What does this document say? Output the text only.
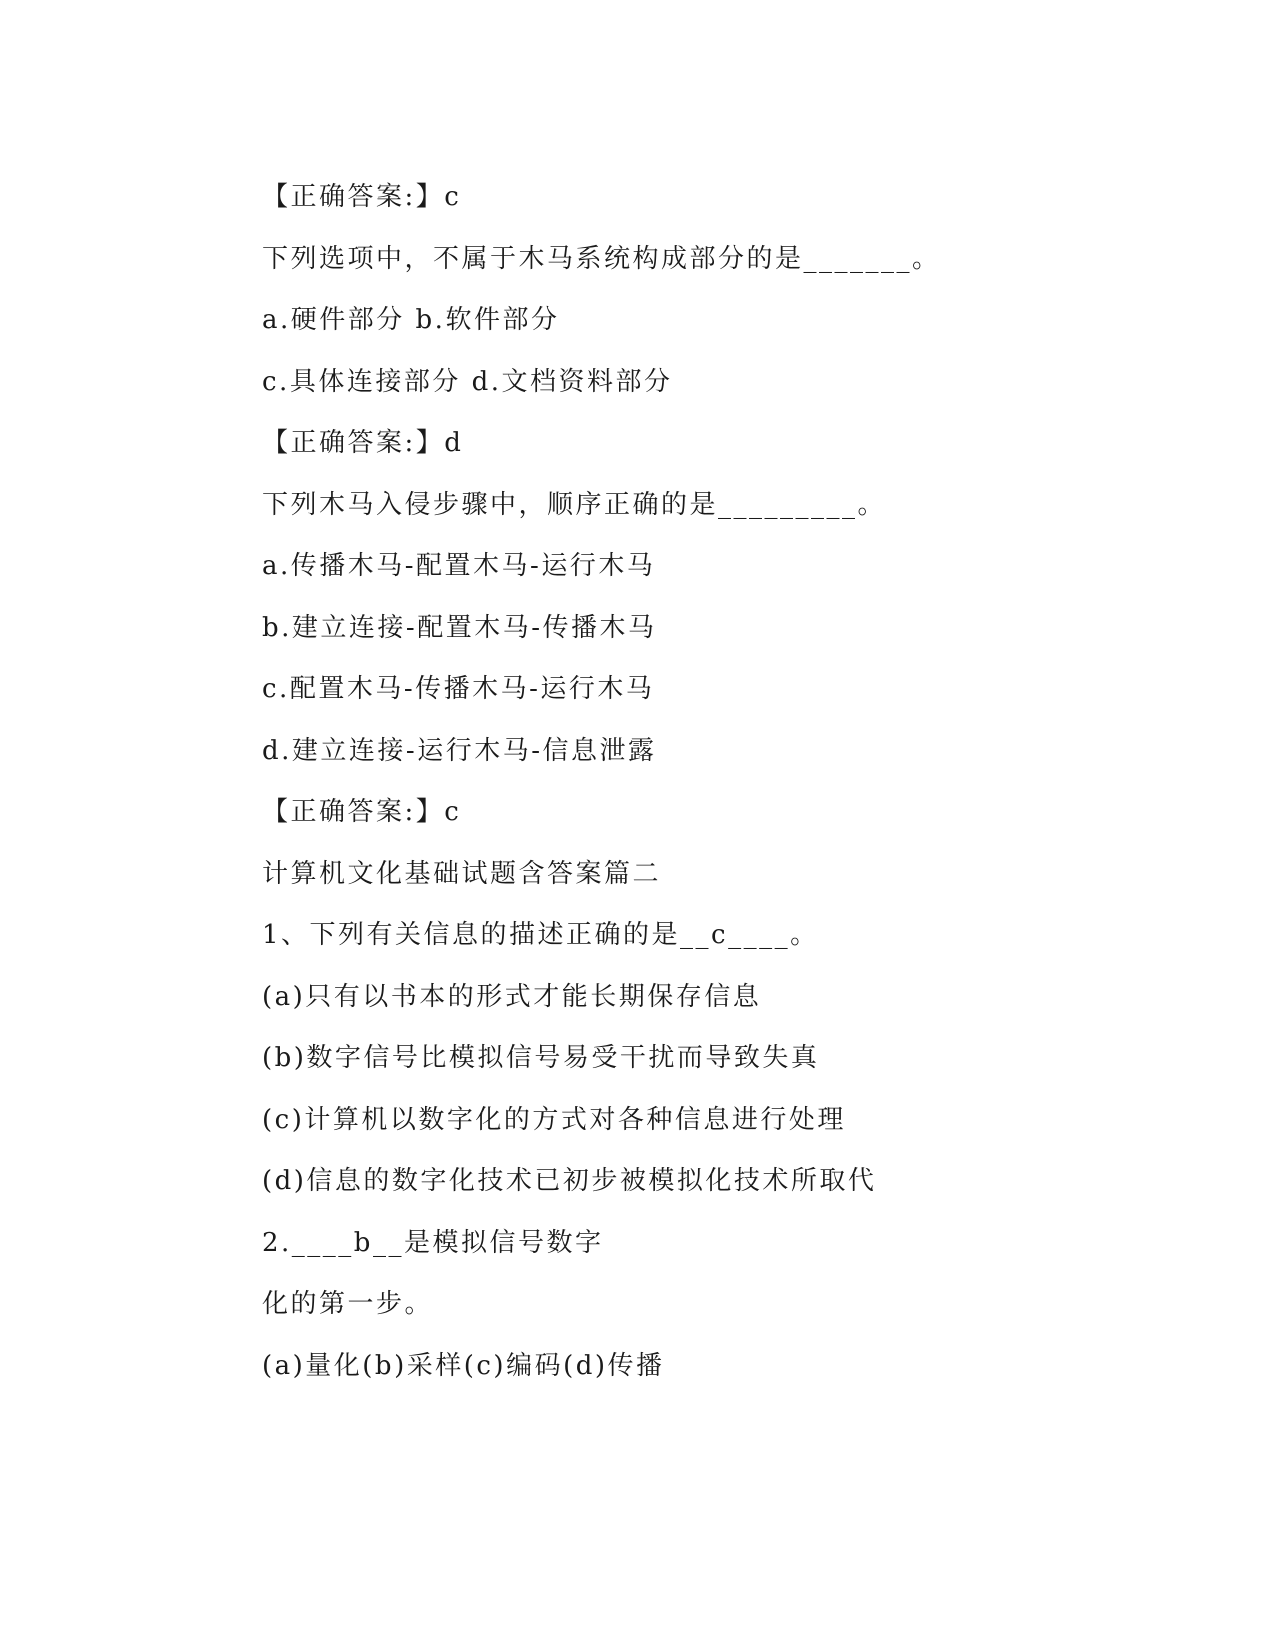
【正确答案:】c
下列选项中，不属于木马系统构成部分的是_______。
a.硬件部分 b.软件部分
c.具体连接部分 d.文档资料部分
【正确答案:】d
下列木马入侵步骤中，顺序正确的是_________。
a.传播木马-配置木马-运行木马
b.建立连接-配置木马-传播木马
c.配置木马-传播木马-运行木马
d.建立连接-运行木马-信息泄露
【正确答案:】c
计算机文化基础试题含答案篇二
1、下列有关信息的描述正确的是__c____。
(a)只有以书本的形式才能长期保存信息
(b)数字信号比模拟信号易受干扰而导致失真
(c)计算机以数字化的方式对各种信息进行处理
(d)信息的数字化技术已初步被模拟化技术所取代
2.____b__是模拟信号数字
化的第一步。
(a)量化(b)采样(c)编码(d)传播
